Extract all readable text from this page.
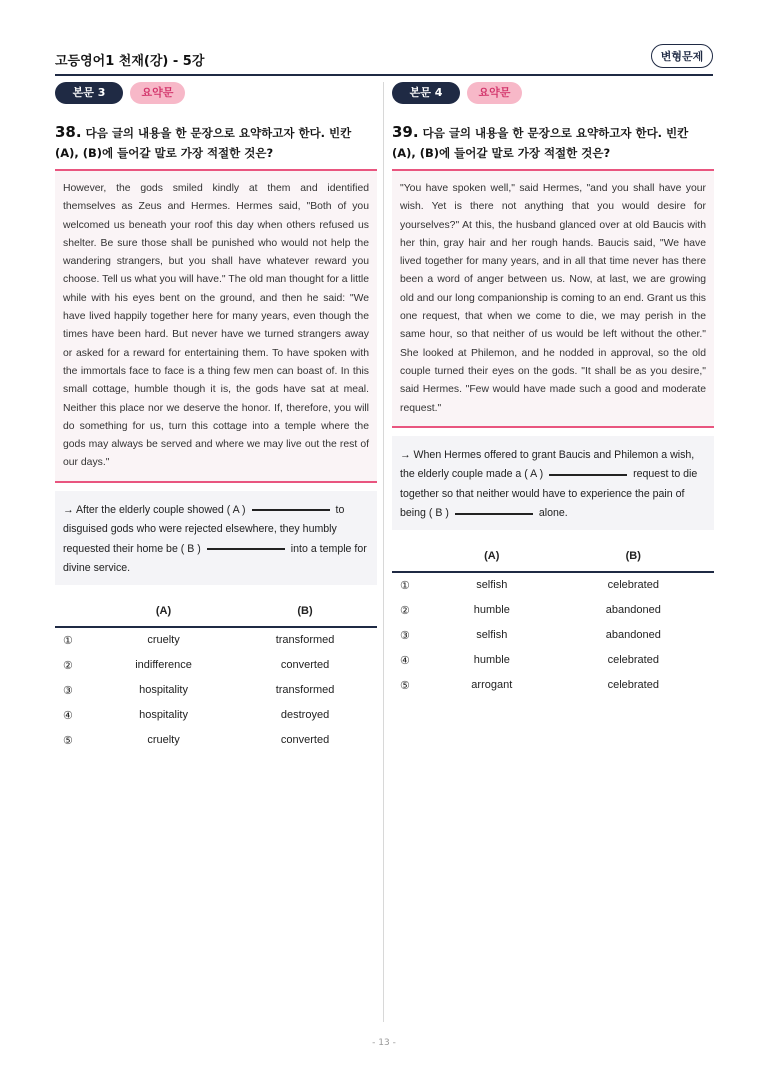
고등영어1 천재(강) - 5강	변형문제
본문 3	요약문
38. 다음 글의 내용을 한 문장으로 요약하고자 한다. 빈칸 (A), (B)에 들어갈 말로 가장 적절한 것은?
However, the gods smiled kindly at them and identified themselves as Zeus and Hermes. Hermes said, "Both of you welcomed us beneath your roof this day when others refused us shelter. Be sure those shall be punished who would not help the wandering strangers, but you shall have whatever reward you choose. Tell us what you will have." The old man thought for a little while with his eyes bent on the ground, and then he said: "We have lived happily together here for many years, even though the times have been hard. But never have we turned strangers away or asked for a reward for entertaining them. To have spoken with the immortals face to face is a thing few men can boast of. In this small cottage, humble though it is, the gods have sat at meal. Neither this place nor we deserve the honor. If, therefore, you will do something for us, turn this cottage into a temple where the gods may always be served and where we may live out the rest of our days."
→ After the elderly couple showed ( A )	to disguised gods who were rejected elsewhere, they humbly requested their home be ( B )	into a temple for divine service.
	(A)	(B)
①	cruelty	transformed
②	indifference	converted
③	hospitality	transformed
④	hospitality	destroyed
⑤	cruelty	converted
본문 4	요약문
39. 다음 글의 내용을 한 문장으로 요약하고자 한다. 빈칸 (A), (B)에 들어갈 말로 가장 적절한 것은?
"You have spoken well," said Hermes, "and you shall have your wish. Yet is there not anything that you would desire for yourselves?" At this, the husband glanced over at old Baucis with her thin, gray hair and her rough hands. Baucis said, "We have lived together for many years, and in all that time never has there been a word of anger between us. Now, at last, we are growing old and our long companionship is coming to an end. Grant us this one request, that when we come to die, we may perish in the same hour, so that neither of us would be left without the other." She looked at Philemon, and he nodded in approval, so the old couple turned their eyes on the gods. "It shall be as you desire," said Hermes. "Few would have made such a good and moderate request."
→ When Hermes offered to grant Baucis and Philemon a wish, the elderly couple made a ( A )	request to die together so that neither would have to experience the pain of being ( B )	alone.
	(A)	(B)
①	selfish	celebrated
②	humble	abandoned
③	selfish	abandoned
④	humble	celebrated
⑤	arrogant	celebrated
- 13 -
